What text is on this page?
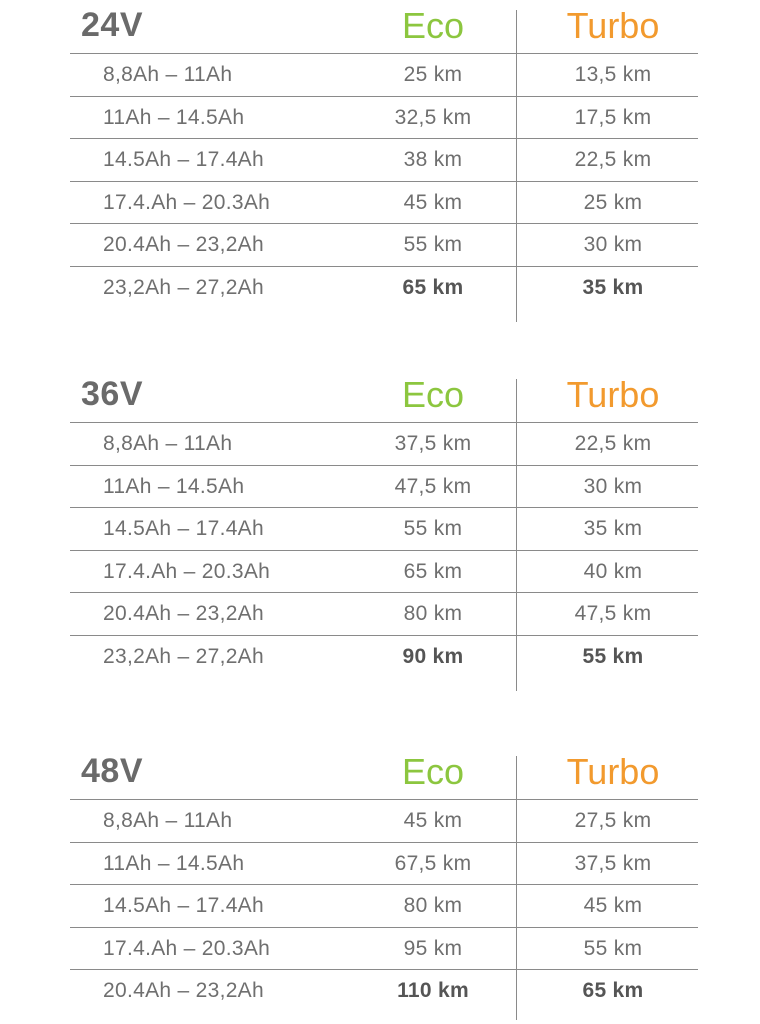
24V	Eco	Turbo
8,8Ah – 11Ah	25 km	13,5 km
11Ah – 14.5Ah	32,5 km	17,5 km
14.5Ah – 17.4Ah	38 km	22,5 km
17.4.Ah – 20.3Ah	45 km	25 km
20.4Ah – 23,2Ah	55 km	30 km
23,2Ah – 27,2Ah	65 km	35 km
36V	Eco	Turbo
8,8Ah – 11Ah	37,5 km	22,5 km
11Ah – 14.5Ah	47,5 km	30 km
14.5Ah – 17.4Ah	55 km	35 km
17.4.Ah – 20.3Ah	65 km	40 km
20.4Ah – 23,2Ah	80 km	47,5 km
23,2Ah – 27,2Ah	90 km	55 km
48V	Eco	Turbo
8,8Ah – 11Ah	45 km	27,5 km
11Ah – 14.5Ah	67,5 km	37,5 km
14.5Ah – 17.4Ah	80 km	45 km
17.4.Ah – 20.3Ah	95 km	55 km
20.4Ah – 23,2Ah	110 km	65 km
